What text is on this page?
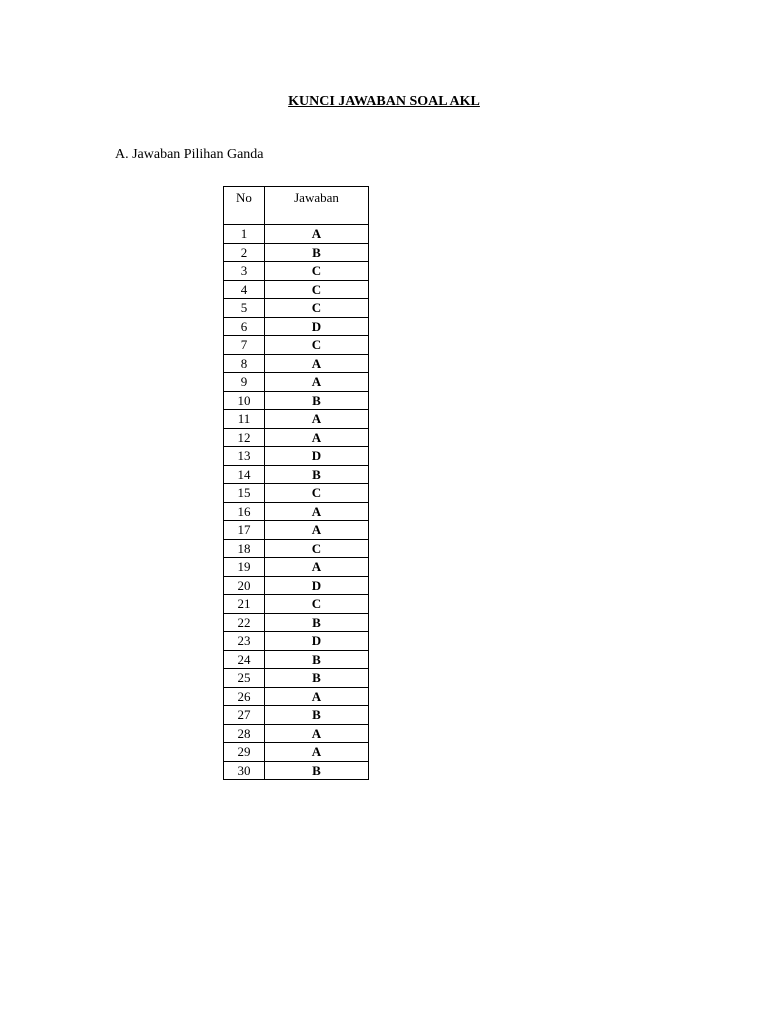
KUNCI JAWABAN SOAL AKL
A. Jawaban Pilihan Ganda
No	Jawaban
1	A
2	B
3	C
4	C
5	C
6	D
7	C
8	A
9	A
10	B
11	A
12	A
13	D
14	B
15	C
16	A
17	A
18	C
19	A
20	D
21	C
22	B
23	D
24	B
25	B
26	A
27	B
28	A
29	A
30	B
